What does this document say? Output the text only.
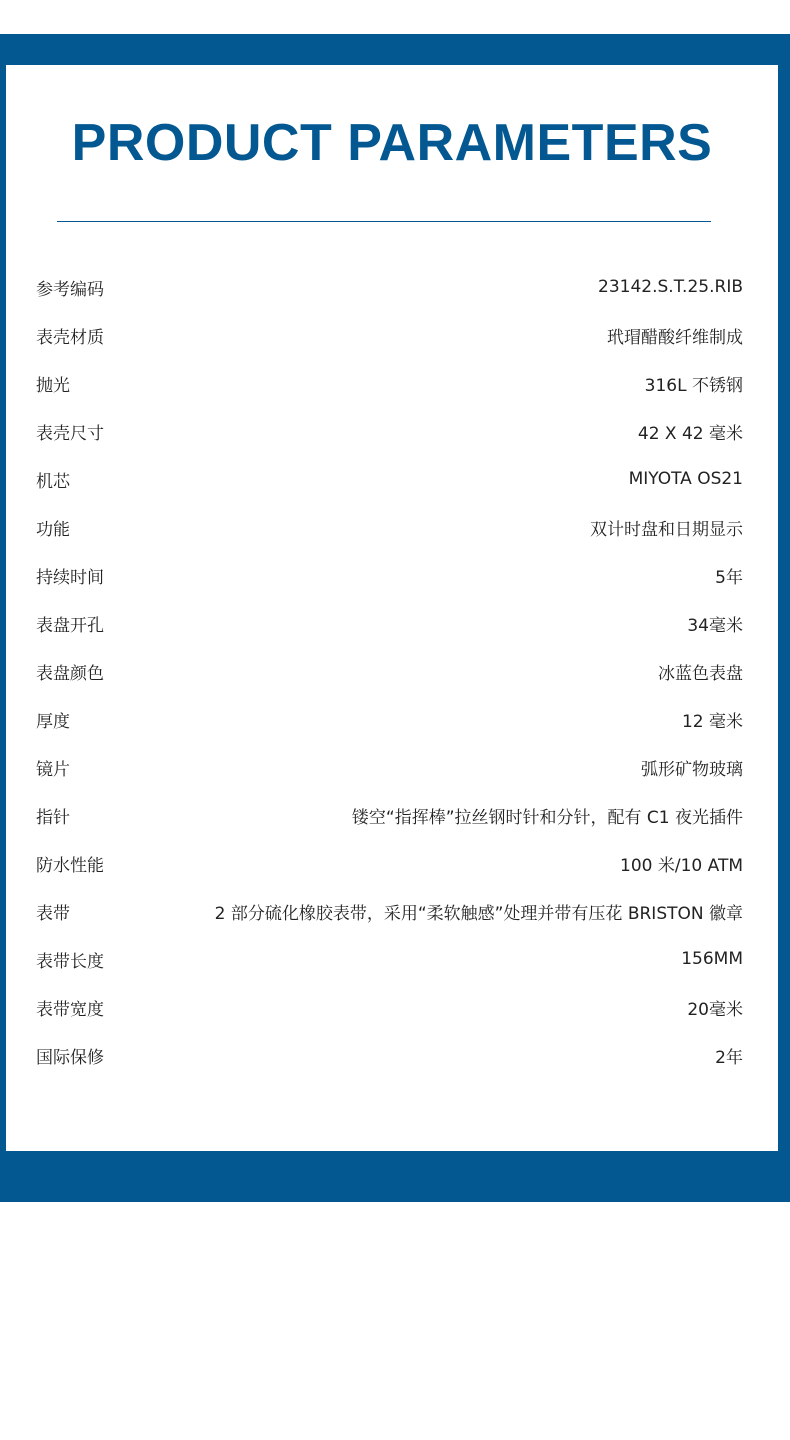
PRODUCT PARAMETERS
参考编码	23142.S.T.25.RIB
表壳材质	玳瑁醋酸纤维制成
抛光	316L 不锈钢
表壳尺寸	42 X 42 毫米
机芯	MIYOTA OS21
功能	双计时盘和日期显示
持续时间	5年
表盘开孔	34毫米
表盘颜色	冰蓝色表盘
厚度	12 毫米
镜片	弧形矿物玻璃
指针	镂空“指挥棒”拉丝钢时针和分针，配有 C1 夜光插件
防水性能	100 米/10 ATM
表带	2 部分硫化橡胶表带，采用“柔软触感”处理并带有压花 BRISTON 徽章
表带长度	156MM
表带宽度	20毫米
国际保修	2年
